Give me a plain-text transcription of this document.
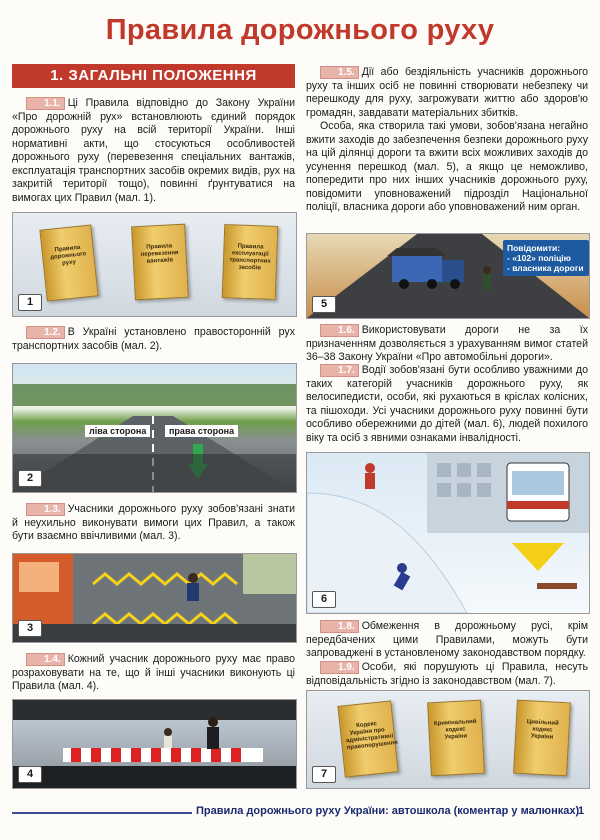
Правила дорожнього руху
1. ЗАГАЛЬНІ ПОЛОЖЕННЯ
1.1. Ці Правила відповідно до Закону України «Про дорожній рух» встановлюють єдиний порядок дорожнього руху на всій території України. Інші нормативні акти, що стосуються особливостей дорожнього руху (перевезення спеціальних вантажів, експлуатація транспортних засобів окремих видів, рух на закритій території тощо), повинні ґрунтуватися на вимогах цих Правил (мал. 1).
Правила дорожнього руху
Правила перевезення вантажів
Правила експлуатації транспортних засобів
1
1.2. В Україні установлено правосторонній рух транспортних засобів (мал. 2).
ліва сторона	права сторона
2
1.3. Учасники дорожнього руху зобов'язані знати й неухильно виконувати вимоги цих Правил, а також бути взаємно ввічливими (мал. 3).
3
1.4. Кожний учасник дорожнього руху має право розраховувати на те, що й інші учасники виконують ці Правила (мал. 4).
4
1.5. Дії або бездіяльність учасників дорожнього руху та інших осіб не повинні створювати небезпеку чи перешкоду для руху, загрожувати життю або здоров'ю громадян, завдавати матеріальних збитків.
Особа, яка створила такі умови, зобов'язана негайно вжити заходів до забезпечення безпеки дорожнього руху на цій ділянці дороги та вжити всіх можливих заходів до усунення перешкод (мал. 5), а якщо це неможливо, попередити про них інших учасників дорожнього руху, повідомити уповноважений підрозділ Національної поліції, власника дороги або уповноважений ним орган.
Повідомити:
- «102» поліцію
- власника дороги
5
1.6. Використовувати дороги не за їх призначенням дозволяється з урахуванням вимог статей 36–38 Закону України «Про автомобільні дороги».
1.7. Водії зобов'язані бути особливо уважними до таких категорій учасників дорожнього руху, як велосипедисти, особи, які рухаються в кріслах колісних, та пішоходи. Усі учасники дорожнього руху повинні бути особливо обережними до дітей (мал. 6), людей похилого віку та осіб з явними ознаками інвалідності.
6
1.8. Обмеження в дорожньому русі, крім передбачених цими Правилами, можуть бути запроваджені в установленому законодавством порядку.
1.9. Особи, які порушують ці Правила, несуть відповідальність згідно із законодавством (мал. 7).
Кодекс України про адміністративні правопорушення
Кримінальний кодекс України
Цивільний кодекс України
7
Правила дорожнього руху України: автошкола (коментар у малюнках)
1
